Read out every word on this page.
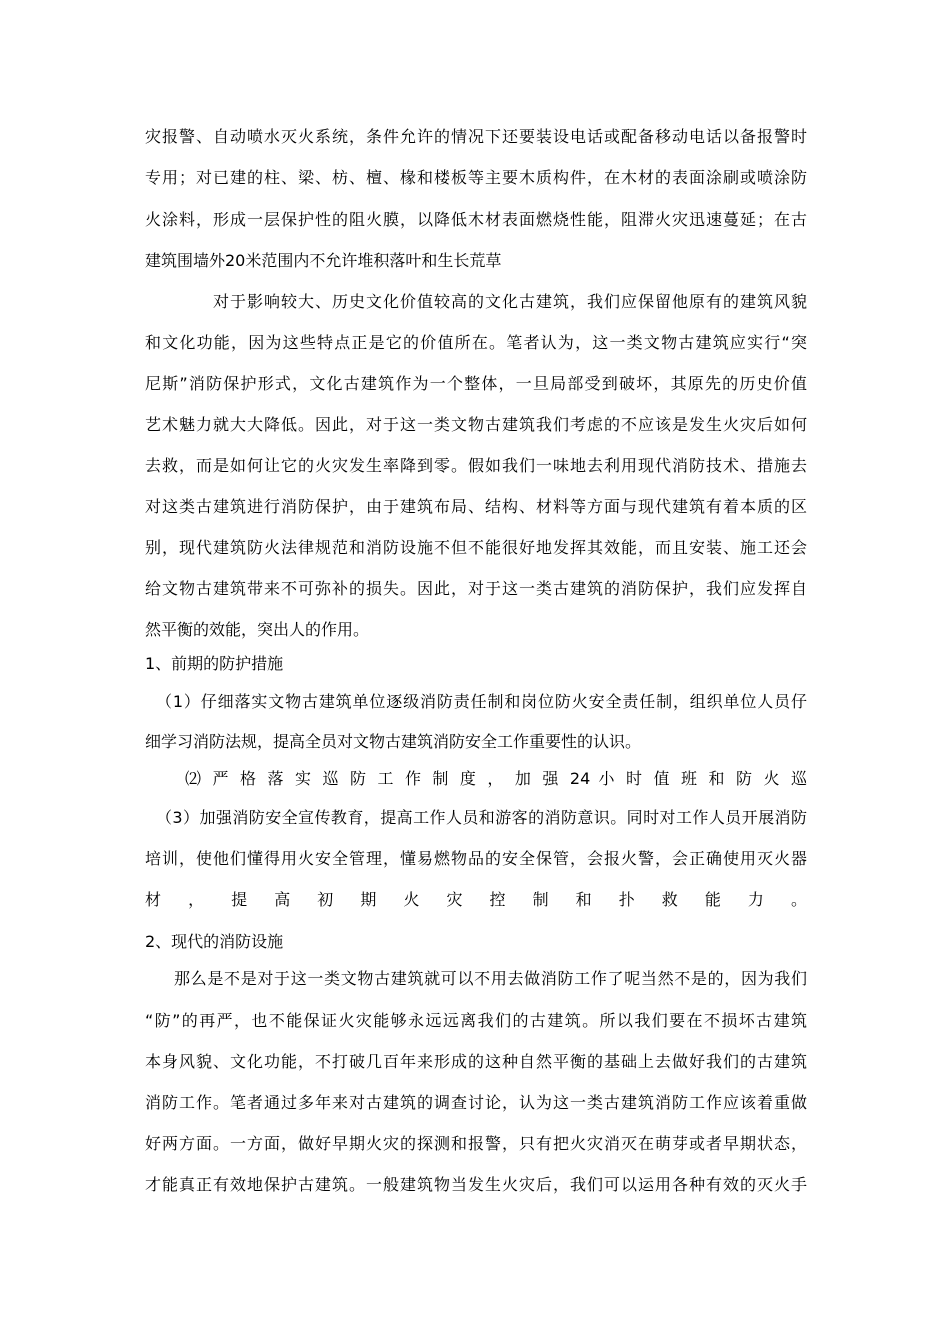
灾报警、自动喷水灭火系统，条件允许的情况下还要装设电话或配备移动电话以备报警时
专用；对已建的柱、梁、枋、檀、椽和楼板等主要木质构件，在木材的表面涂刷或喷涂防
火涂料，形成一层保护性的阻火膜，以降低木材表面燃烧性能，阻滞火灾迅速蔓延；在古
建筑围墙外20米范围内不允许堆积落叶和生长荒草
对于影响较大、历史文化价值较高的文化古建筑，我们应保留他原有的建筑风貌
和文化功能，因为这些特点正是它的价值所在。笔者认为，这一类文物古建筑应实行“突
尼斯”消防保护形式，文化古建筑作为一个整体，一旦局部受到破坏，其原先的历史价值
艺术魅力就大大降低。因此，对于这一类文物古建筑我们考虑的不应该是发生火灾后如何
去救，而是如何让它的火灾发生率降到零。假如我们一味地去利用现代消防技术、措施去
对这类古建筑进行消防保护，由于建筑布局、结构、材料等方面与现代建筑有着本质的区
别，现代建筑防火法律规范和消防设施不但不能很好地发挥其效能，而且安装、施工还会
给文物古建筑带来不可弥补的损失。因此，对于这一类古建筑的消防保护，我们应发挥自
然平衡的效能，突出人的作用。
1、前期的防护措施
（1）仔细落实文物古建筑单位逐级消防责任制和岗位防火安全责任制，组织单位人员仔
细学习消防法规，提高全员对文物古建筑消防安全工作重要性的认识。
⑵ 严 格 落 实 巡 防 工 作 制 度 ， 加 强 24 小 时 值 班 和 防 火 巡
（3）加强消防安全宣传教育，提高工作人员和游客的消防意识。同时对工作人员开展消防
培训，使他们懂得用火安全管理，懂易燃物品的安全保管，会报火警，会正确使用灭火器
材 ， 提 高 初 期 火 灾 控 制 和 扑 救 能 力 。
2、现代的消防设施
那么是不是对于这一类文物古建筑就可以不用去做消防工作了呢当然不是的，因为我们
“防”的再严，也不能保证火灾能够永远远离我们的古建筑。所以我们要在不损坏古建筑
本身风貌、文化功能，不打破几百年来形成的这种自然平衡的基础上去做好我们的古建筑
消防工作。笔者通过多年来对古建筑的调查讨论，认为这一类古建筑消防工作应该着重做
好两方面。一方面，做好早期火灾的探测和报警，只有把火灾消灭在萌芽或者早期状态，
才能真正有效地保护古建筑。一般建筑物当发生火灾后，我们可以运用各种有效的灭火手
